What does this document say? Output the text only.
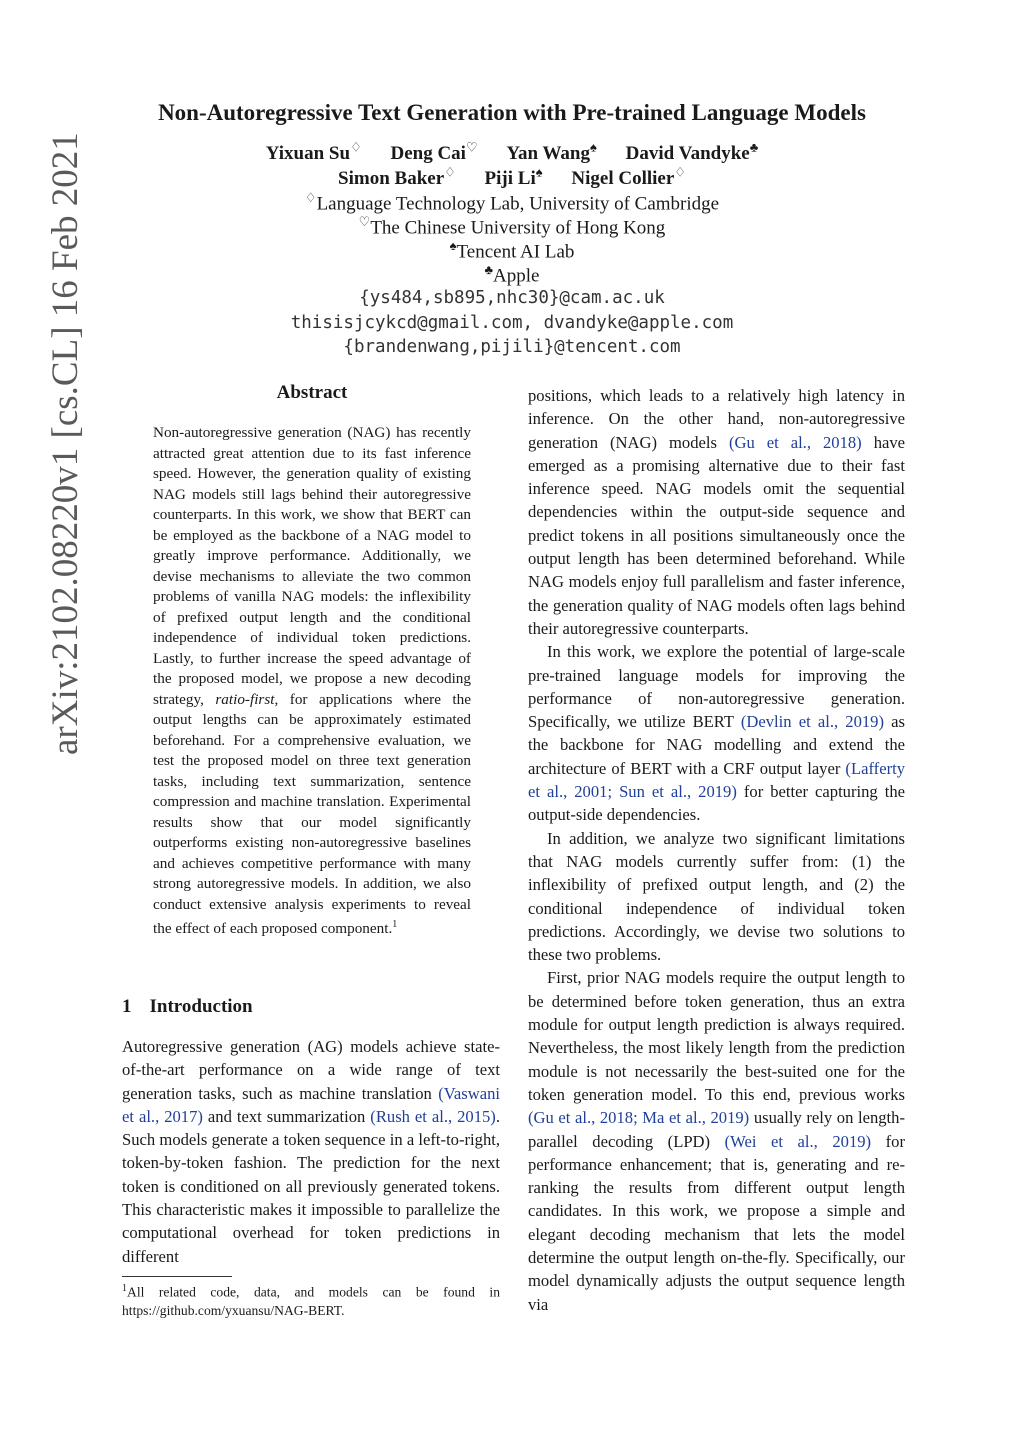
Non-Autoregressive Text Generation with Pre-trained Language Models
Yixuan Su♢ Deng Cai♡ Yan Wang♠ David Vandyke♣
Simon Baker♢ Piji Li♠ Nigel Collier♢
♢Language Technology Lab, University of Cambridge
♡The Chinese University of Hong Kong
♠Tencent AI Lab
♣Apple
{ys484,sb895,nhc30}@cam.ac.uk
thisisjcykcd@gmail.com, dvandyke@apple.com
{brandenwang,pijili}@tencent.com
arXiv:2102.08220v1 [cs.CL] 16 Feb 2021	Abstract
Non-autoregressive generation (NAG) has recently attracted great attention due to its fast inference speed. However, the generation quality of existing NAG models still lags behind their autoregressive counterparts. In this work, we show that BERT can be employed as the backbone of a NAG model to greatly improve performance. Additionally, we devise mechanisms to alleviate the two common problems of vanilla NAG models: the inflexibility of prefixed output length and the conditional independence of individual token predictions. Lastly, to further increase the speed advantage of the proposed model, we propose a new decoding strategy, ratio-first, for applications where the output lengths can be approximately estimated beforehand. For a comprehensive evaluation, we test the proposed model on three text generation tasks, including text summarization, sentence compression and machine translation. Experimental results show that our model significantly outperforms existing non-autoregressive baselines and achieves competitive performance with many strong autoregressive models. In addition, we also conduct extensive analysis experiments to reveal the effect of each proposed component.$^1$
1 Introduction
Autoregressive generation (AG) models achieve state-of-the-art performance on a wide range of text generation tasks, such as machine translation (Vaswani et al., 2017) and text summarization (Rush et al., 2015). Such models generate a token sequence in a left-to-right, token-by-token fashion. The prediction for the next token is conditioned on all previously generated tokens. This characteristic makes it impossible to parallelize the computational overhead for token predictions in different
$^1$All related code, data, and models can be found in https://github.com/yxuansu/NAG-BERT.

positions, which leads to a relatively high latency in inference. On the other hand, non-autoregressive generation (NAG) models (Gu et al., 2018) have emerged as a promising alternative due to their fast inference speed. NAG models omit the sequential dependencies within the output-side sequence and predict tokens in all positions simultaneously once the output length has been determined beforehand. While NAG models enjoy full parallelism and faster inference, the generation quality of NAG models often lags behind their autoregressive counterparts.

In this work, we explore the potential of large-scale pre-trained language models for improving the performance of non-autoregressive generation. Specifically, we utilize BERT (Devlin et al., 2019) as the backbone for NAG modelling and extend the architecture of BERT with a CRF output layer (Lafferty et al., 2001; Sun et al., 2019) for better capturing the output-side dependencies.

In addition, we analyze two significant limitations that NAG models currently suffer from: (1) the inflexibility of prefixed output length, and (2) the conditional independence of individual token predictions. Accordingly, we devise two solutions to these two problems.

First, prior NAG models require the output length to be determined before token generation, thus an extra module for output length prediction is always required. Nevertheless, the most likely length from the prediction module is not necessarily the best-suited one for the token generation model. To this end, previous works (Gu et al., 2018; Ma et al., 2019) usually rely on length-parallel decoding (LPD) (Wei et al., 2019) for performance enhancement; that is, generating and re-ranking the results from different output length candidates. In this work, we propose a simple and elegant decoding mechanism that lets the model determine the output length on-the-fly. Specifically, our model dynamically adjusts the output sequence length via
